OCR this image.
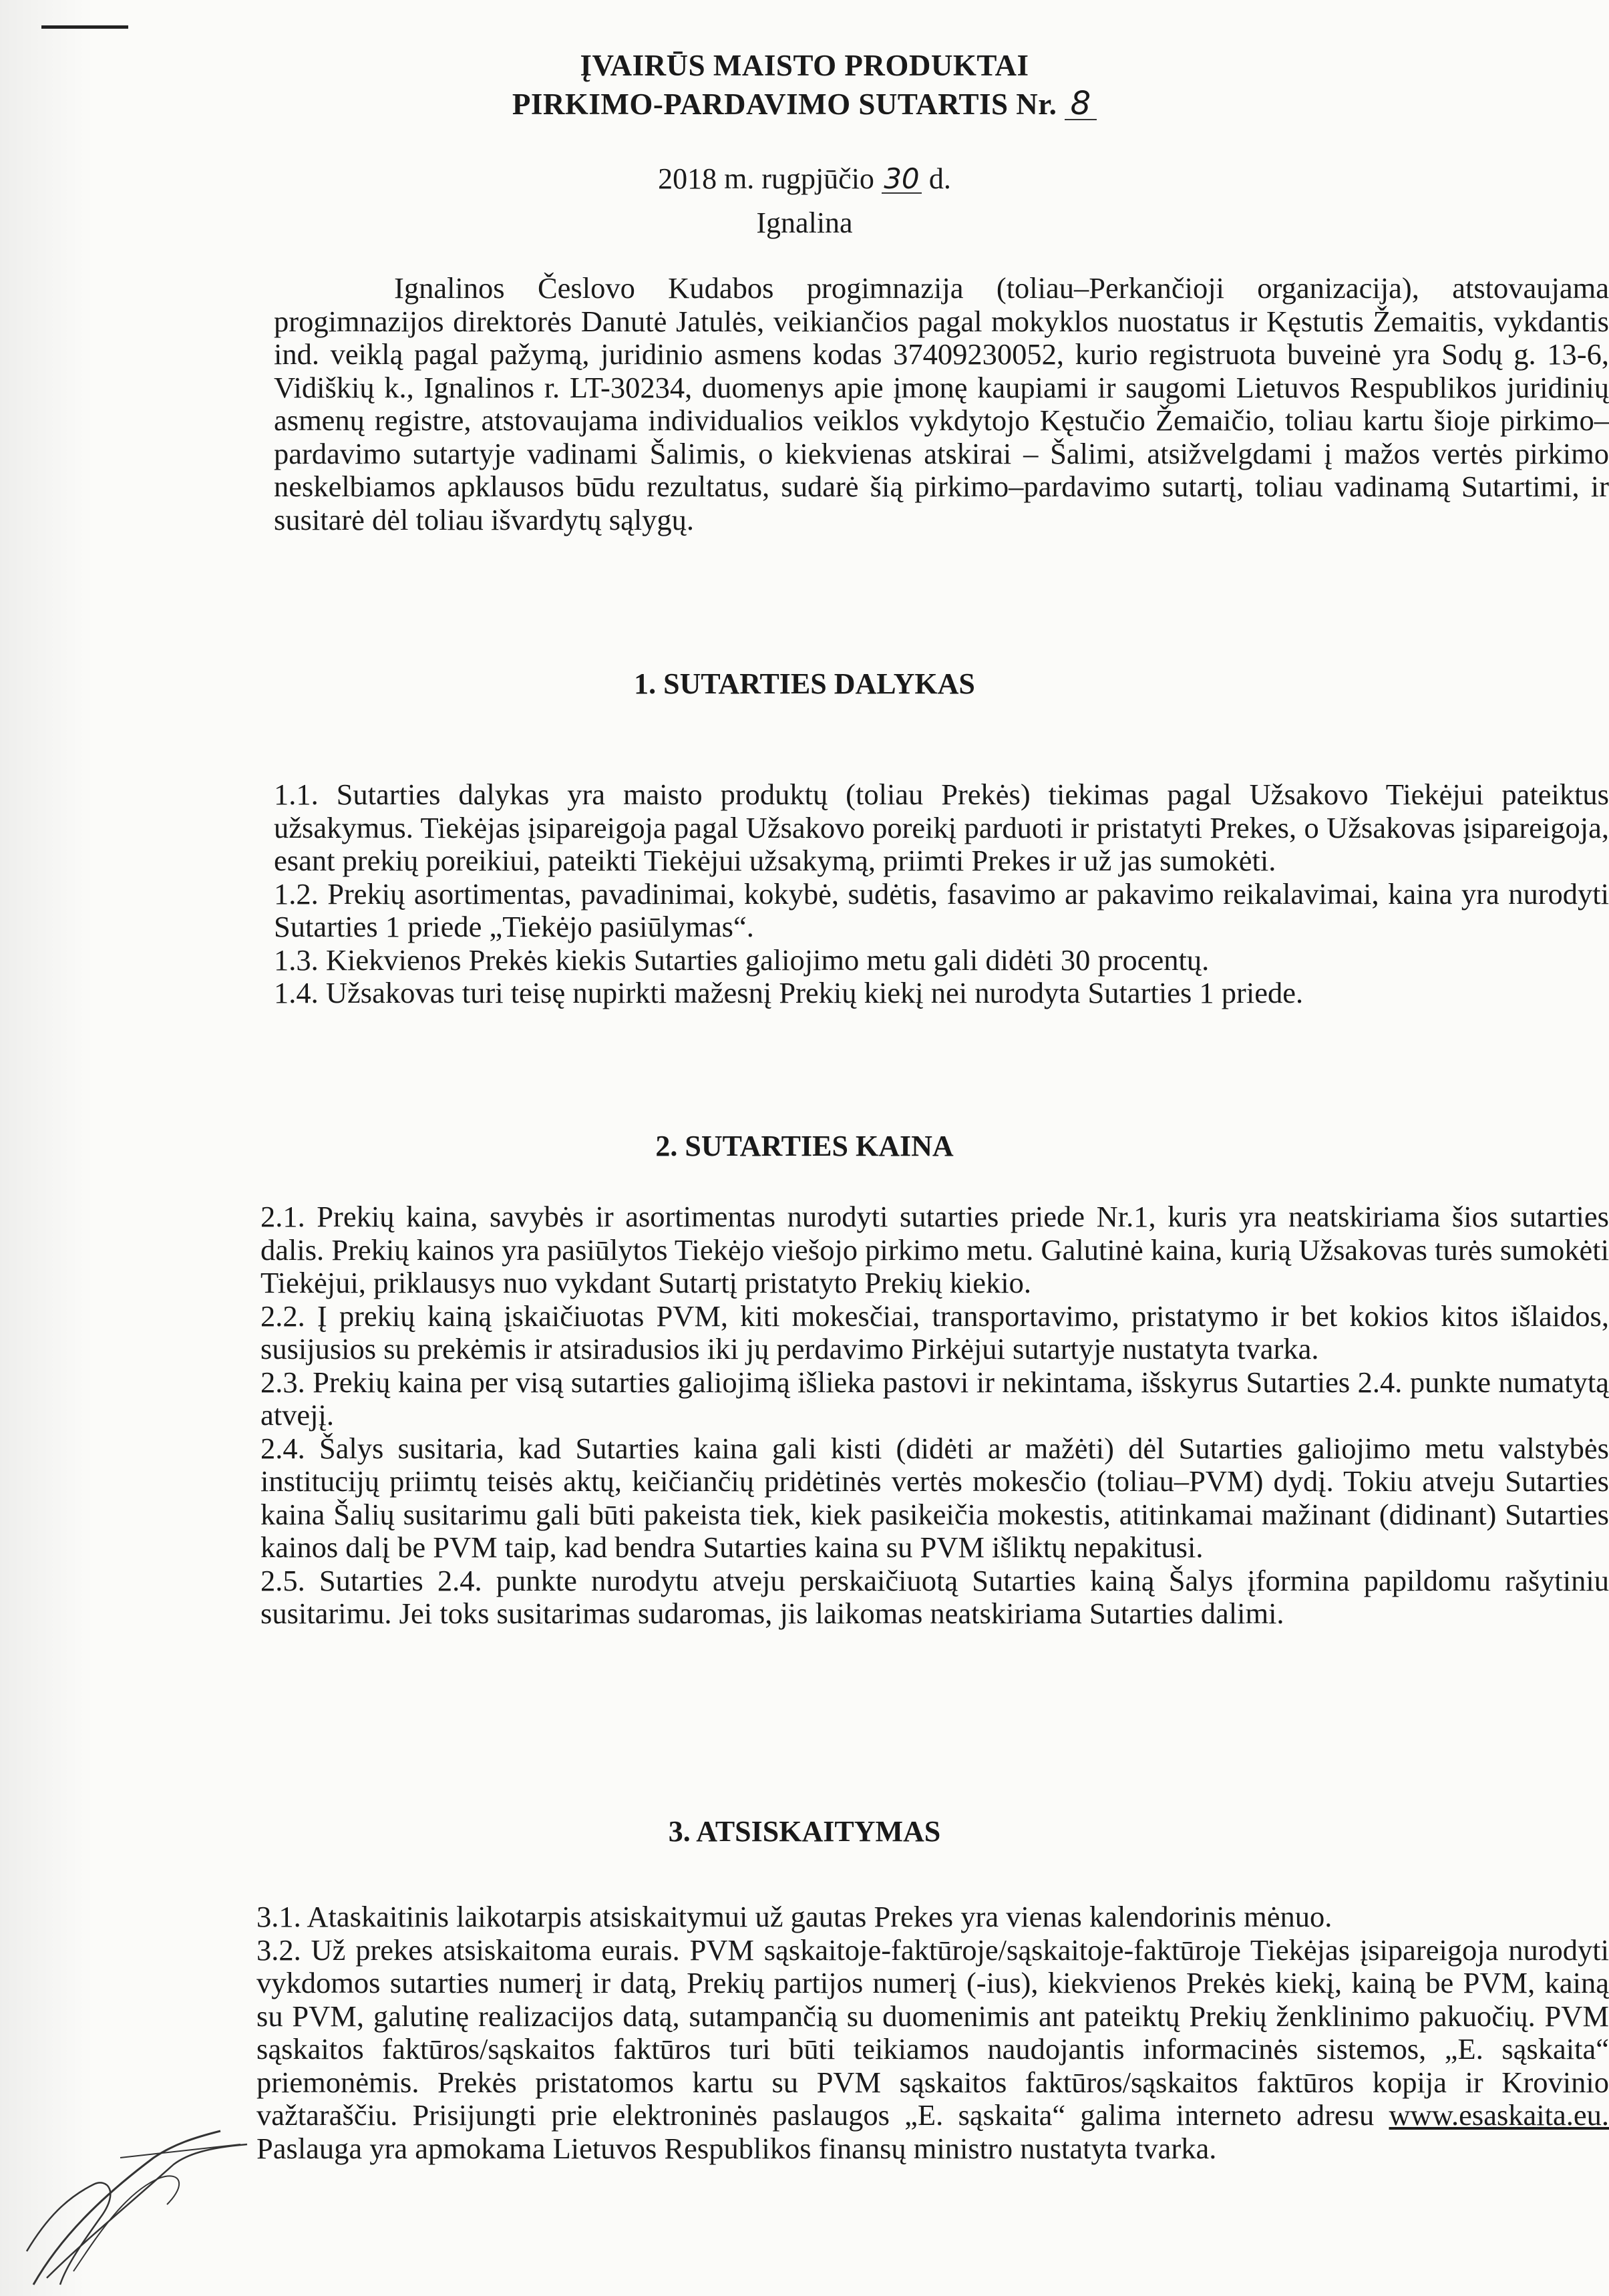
ĮVAIRŪS MAISTO PRODUKTAI
PIRKIMO-PARDAVIMO SUTARTIS Nr. 8
2018 m. rugpjūčio 30 d.
Ignalina

Ignalinos Česlovo Kudabos progimnazija (toliau–Perkančioji organizacija), atstovaujama progimnazijos direktorės Danutė Jatulės, veikiančios pagal mokyklos nuostatus ir Kęstutis Žemaitis, vykdantis ind. veiklą pagal pažymą, juridinio asmens kodas 37409230052, kurio registruota buveinė yra Sodų g. 13-6, Vidiškių k., Ignalinos r. LT-30234, duomenys apie įmonę kaupiami ir saugomi Lietuvos Respublikos juridinių asmenų registre, atstovaujama individualios veiklos vykdytojo Kęstučio Žemaičio, toliau kartu šioje pirkimo–pardavimo sutartyje vadinami Šalimis, o kiekvienas atskirai – Šalimi, atsižvelgdami į mažos vertės pirkimo neskelbiamos apklausos būdu rezultatus, sudarė šią pirkimo–pardavimo sutartį, toliau vadinamą Sutartimi, ir susitarė dėl toliau išvardytų sąlygų.

1. SUTARTIES DALYKAS

1.1. Sutarties dalykas yra maisto produktų (toliau Prekės) tiekimas pagal Užsakovo Tiekėjui pateiktus užsakymus. Tiekėjas įsipareigoja pagal Užsakovo poreikį parduoti ir pristatyti Prekes, o Užsakovas įsipareigoja, esant prekių poreikiui, pateikti Tiekėjui užsakymą, priimti Prekes ir už jas sumokėti.
1.2. Prekių asortimentas, pavadinimai, kokybė, sudėtis, fasavimo ar pakavimo reikalavimai, kaina yra nurodyti Sutarties 1 priede „Tiekėjo pasiūlymas“.
1.3. Kiekvienos Prekės kiekis Sutarties galiojimo metu gali didėti 30 procentų.
1.4. Užsakovas turi teisę nupirkti mažesnį Prekių kiekį nei nurodyta Sutarties 1 priede.

2. SUTARTIES KAINA

2.1. Prekių kaina, savybės ir asortimentas nurodyti sutarties priede Nr.1, kuris yra neatskiriama šios sutarties dalis. Prekių kainos yra pasiūlytos Tiekėjo viešojo pirkimo metu. Galutinė kaina, kurią Užsakovas turės sumokėti Tiekėjui, priklausys nuo vykdant Sutartį pristatyto Prekių kiekio.
2.2. Į prekių kainą įskaičiuotas PVM, kiti mokesčiai, transportavimo, pristatymo ir bet kokios kitos išlaidos, susijusios su prekėmis ir atsiradusios iki jų perdavimo Pirkėjui sutartyje nustatyta tvarka.
2.3. Prekių kaina per visą sutarties galiojimą išlieka pastovi ir nekintama, išskyrus Sutarties 2.4. punkte numatytą atvejį.
2.4. Šalys susitaria, kad Sutarties kaina gali kisti (didėti ar mažėti) dėl Sutarties galiojimo metu valstybės institucijų priimtų teisės aktų, keičiančių pridėtinės vertės mokesčio (toliau–PVM) dydį. Tokiu atveju Sutarties kaina Šalių susitarimu gali būti pakeista tiek, kiek pasikeičia mokestis, atitinkamai mažinant (didinant) Sutarties kainos dalį be PVM taip, kad bendra Sutarties kaina su PVM išliktų nepakitusi.
2.5. Sutarties 2.4. punkte nurodytu atveju perskaičiuotą Sutarties kainą Šalys įformina papildomu rašytiniu susitarimu. Jei toks susitarimas sudaromas, jis laikomas neatskiriama Sutarties dalimi.

3. ATSISKAITYMAS

3.1. Ataskaitinis laikotarpis atsiskaitymui už gautas Prekes yra vienas kalendorinis mėnuo.
3.2. Už prekes atsiskaitoma eurais. PVM sąskaitoje-faktūroje/sąskaitoje-faktūroje Tiekėjas įsipareigoja nurodyti vykdomos sutarties numerį ir datą, Prekių partijos numerį (-ius), kiekvienos Prekės kiekį, kainą be PVM, kainą su PVM, galutinę realizacijos datą, sutampančią su duomenimis ant pateiktų Prekių ženklinimo pakuočių. PVM sąskaitos faktūros/sąskaitos faktūros turi būti teikiamos naudojantis informacinės sistemos, „E. sąskaita“ priemonėmis. Prekės pristatomos kartu su PVM sąskaitos faktūros/sąskaitos faktūros kopija ir Krovinio važtaraščiu. Prisijungti prie elektroninės paslaugos „E. sąskaita“ galima interneto adresu www.esaskaita.eu. Paslauga yra apmokama Lietuvos Respublikos finansų ministro nustatyta tvarka.
